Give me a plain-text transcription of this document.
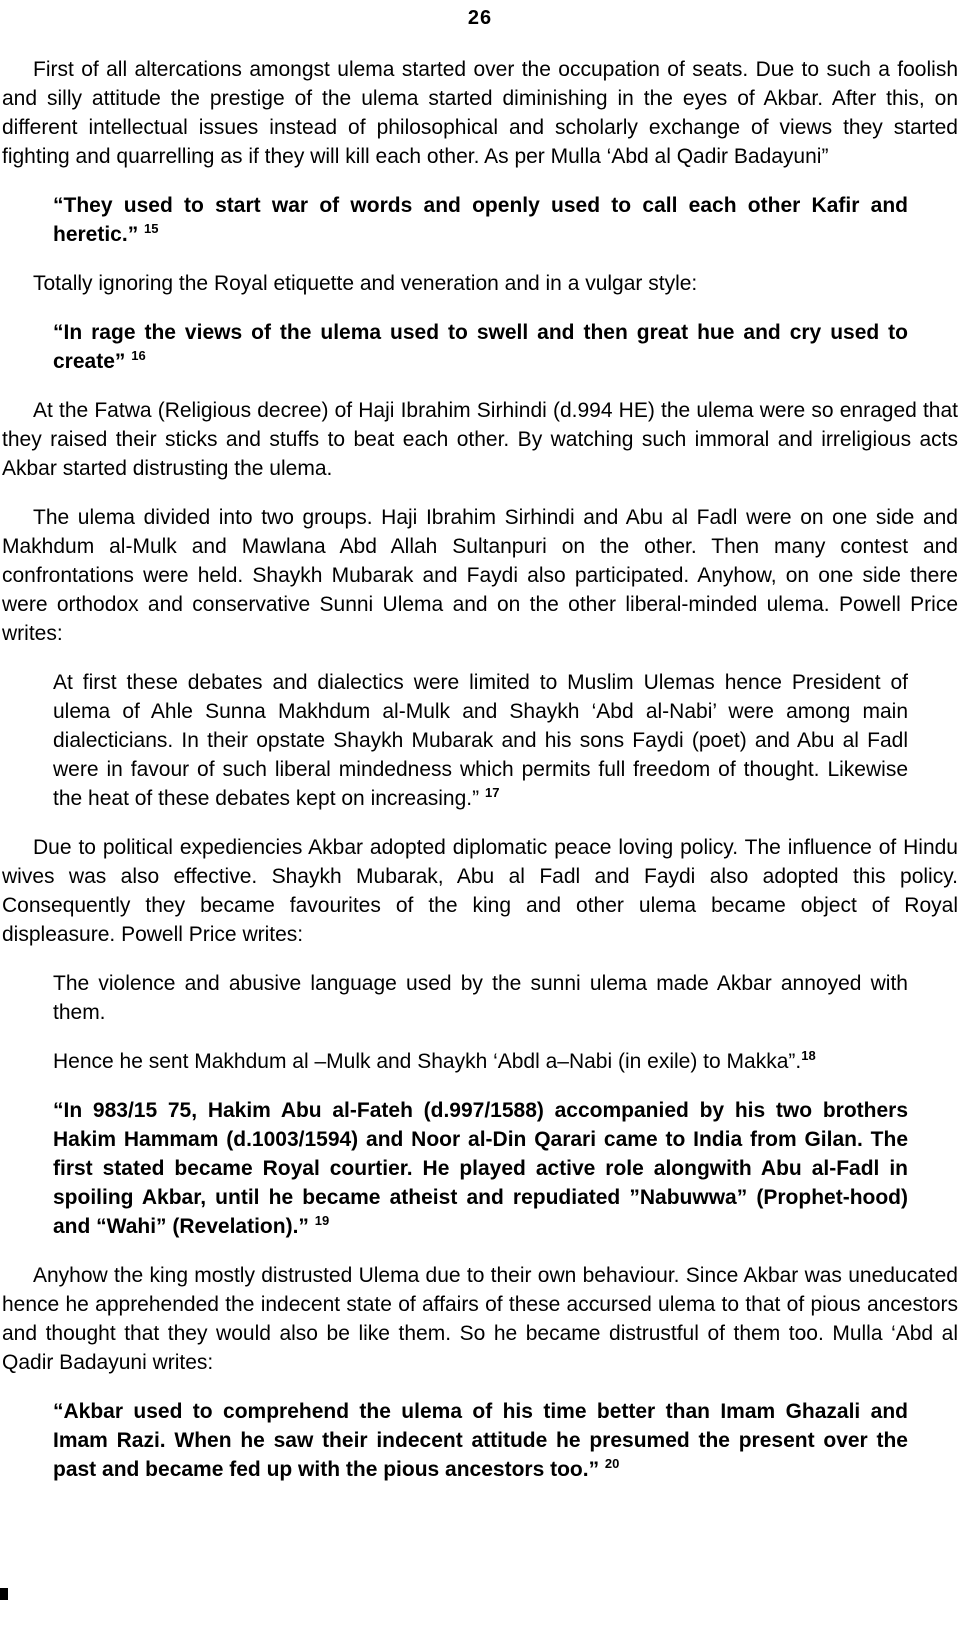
26

First of all altercations amongst ulema started over the occupation of seats. Due to such a foolish and silly attitude the prestige of the ulema started diminishing in the eyes of Akbar. After this, on different intellectual issues instead of philosophical and scholarly exchange of views they started fighting and quarrelling as if they will kill each other. As per Mulla ‘Abd al Qadir Badayuni”

“They used to start war of words and openly used to call each other Kafir and heretic.” $^{15}$

Totally ignoring the Royal etiquette and veneration and in a vulgar style:

“In rage the views of the ulema used to swell and then great hue and cry used to create” $^{16}$

At the Fatwa (Religious decree) of Haji Ibrahim Sirhindi (d.994 HE) the ulema were so enraged that they raised their sticks and stuffs to beat each other. By watching such immoral and irreligious acts Akbar started distrusting the ulema.

The ulema divided into two groups. Haji Ibrahim Sirhindi and Abu al Fadl were on one side and Makhdum al-Mulk and Mawlana Abd Allah Sultanpuri on the other. Then many contest and confrontations were held. Shaykh Mubarak and Faydi also participated. Anyhow, on one side there were orthodox and conservative Sunni Ulema and on the other liberal-minded ulema. Powell Price writes:

At first these debates and dialectics were limited to Muslim Ulemas hence President of ulema of Ahle Sunna Makhdum al-Mulk and Shaykh ‘Abd al-Nabi’ were among main dialecticians. In their opstate Shaykh Mubarak and his sons Faydi (poet) and Abu al Fadl were in favour of such liberal mindedness which permits full freedom of thought. Likewise the heat of these debates kept on increasing.” $^{17}$

Due to political expediencies Akbar adopted diplomatic peace loving policy. The influence of Hindu wives was also effective. Shaykh Mubarak, Abu al Fadl and Faydi also adopted this policy. Consequently they became favourites of the king and other ulema became object of Royal displeasure. Powell Price writes:

The violence and abusive language used by the sunni ulema made Akbar annoyed with them.

Hence he sent Makhdum al –Mulk and Shaykh ‘Abdl a–Nabi (in exile) to Makka”.$^{18}$

“In 983/15 75, Hakim Abu al-Fateh (d.997/1588) accompanied by his two brothers Hakim Hammam (d.1003/1594) and Noor al-Din Qarari came to India from Gilan. The first stated became Royal courtier. He played active role alongwith Abu al-Fadl in spoiling Akbar, until he became atheist and repudiated ”Nabuwwa” (Prophet-hood) and “Wahi” (Revelation).” $^{19}$

Anyhow the king mostly distrusted Ulema due to their own behaviour. Since Akbar was uneducated hence he apprehended the indecent state of affairs of these accursed ulema to that of pious ancestors and thought that they would also be like them. So he became distrustful of them too. Mulla ‘Abd al Qadir Badayuni writes:

“Akbar used to comprehend the ulema of his time better than Imam Ghazali and Imam Razi. When he saw their indecent attitude he presumed the present over the past and became fed up with the pious ancestors too.” $^{20}$
